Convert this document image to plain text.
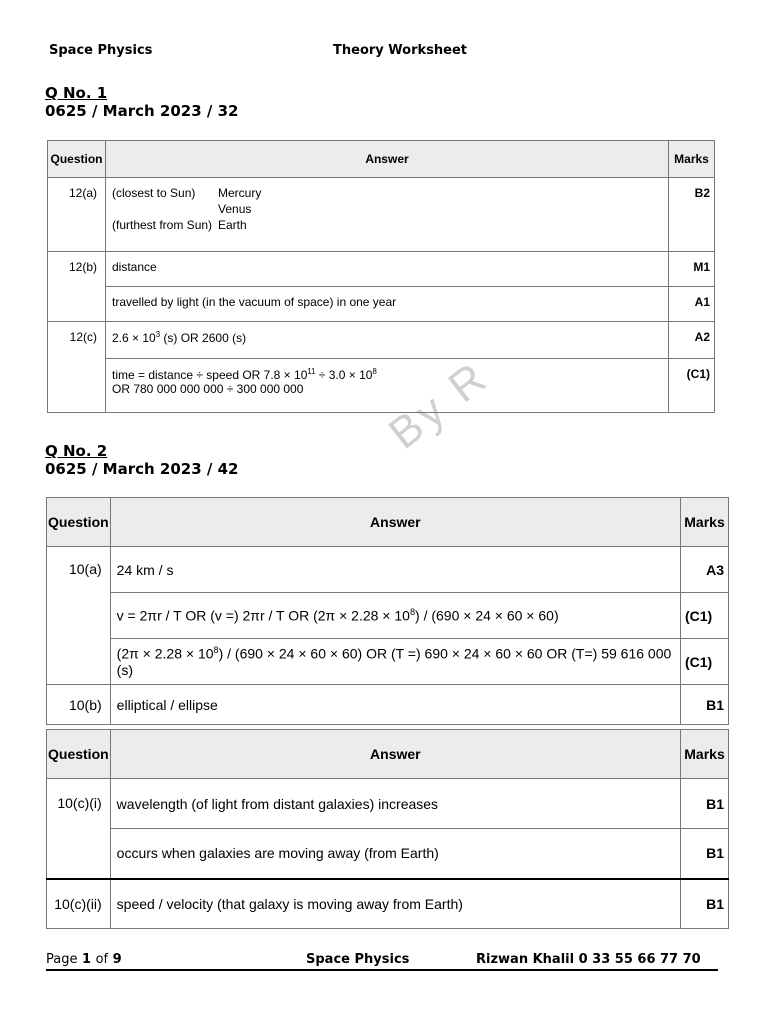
Space Physics	Theory Worksheet
By R
Q No. 1
0625 / March 2023 / 32
Question	Answer	Marks
12(a)	(closest to Sun) Mercury
Venus
(furthest from Sun) Earth	B2
12(b)	distance	M1
	travelled by light (in the vacuum of space) in one year	A1
12(c)	$2.6 \times 10^3$ (s) OR 2600 (s)	A2

	time = distance ÷ speed OR $7.8 \times 10^{11} \div 3.0 \times 10^8$
OR 780 000 000 000 ÷ 300 000 000	(C1)
Q No. 2
0625 / March 2023 / 42
Question	Answer	Marks
10(a)	24 km / s	A3
	v = 2πr / T OR (v =) 2πr / T OR $(2\pi \times 2.28 \times 10^8) / (690 \times 24 \times 60 \times 60)$	(C1)
	$(2\pi \times 2.28 \times 10^8) / (690 \times 24 \times 60 \times 60)$ OR (T =) 690 × 24 × 60 × 60 OR (T=) 59 616 000 (s)	(C1)
10(b)	elliptical / ellipse	B1
Question	Answer	Marks
10(c)(i)	wavelength (of light from distant galaxies) increases	B1
	occurs when galaxies are moving away (from Earth)	B1
10(c)(ii)	speed / velocity (that galaxy is moving away from Earth)	B1
Page 1 of 9	Space Physics	Rizwan Khalil 0 33 55 66 77 70
